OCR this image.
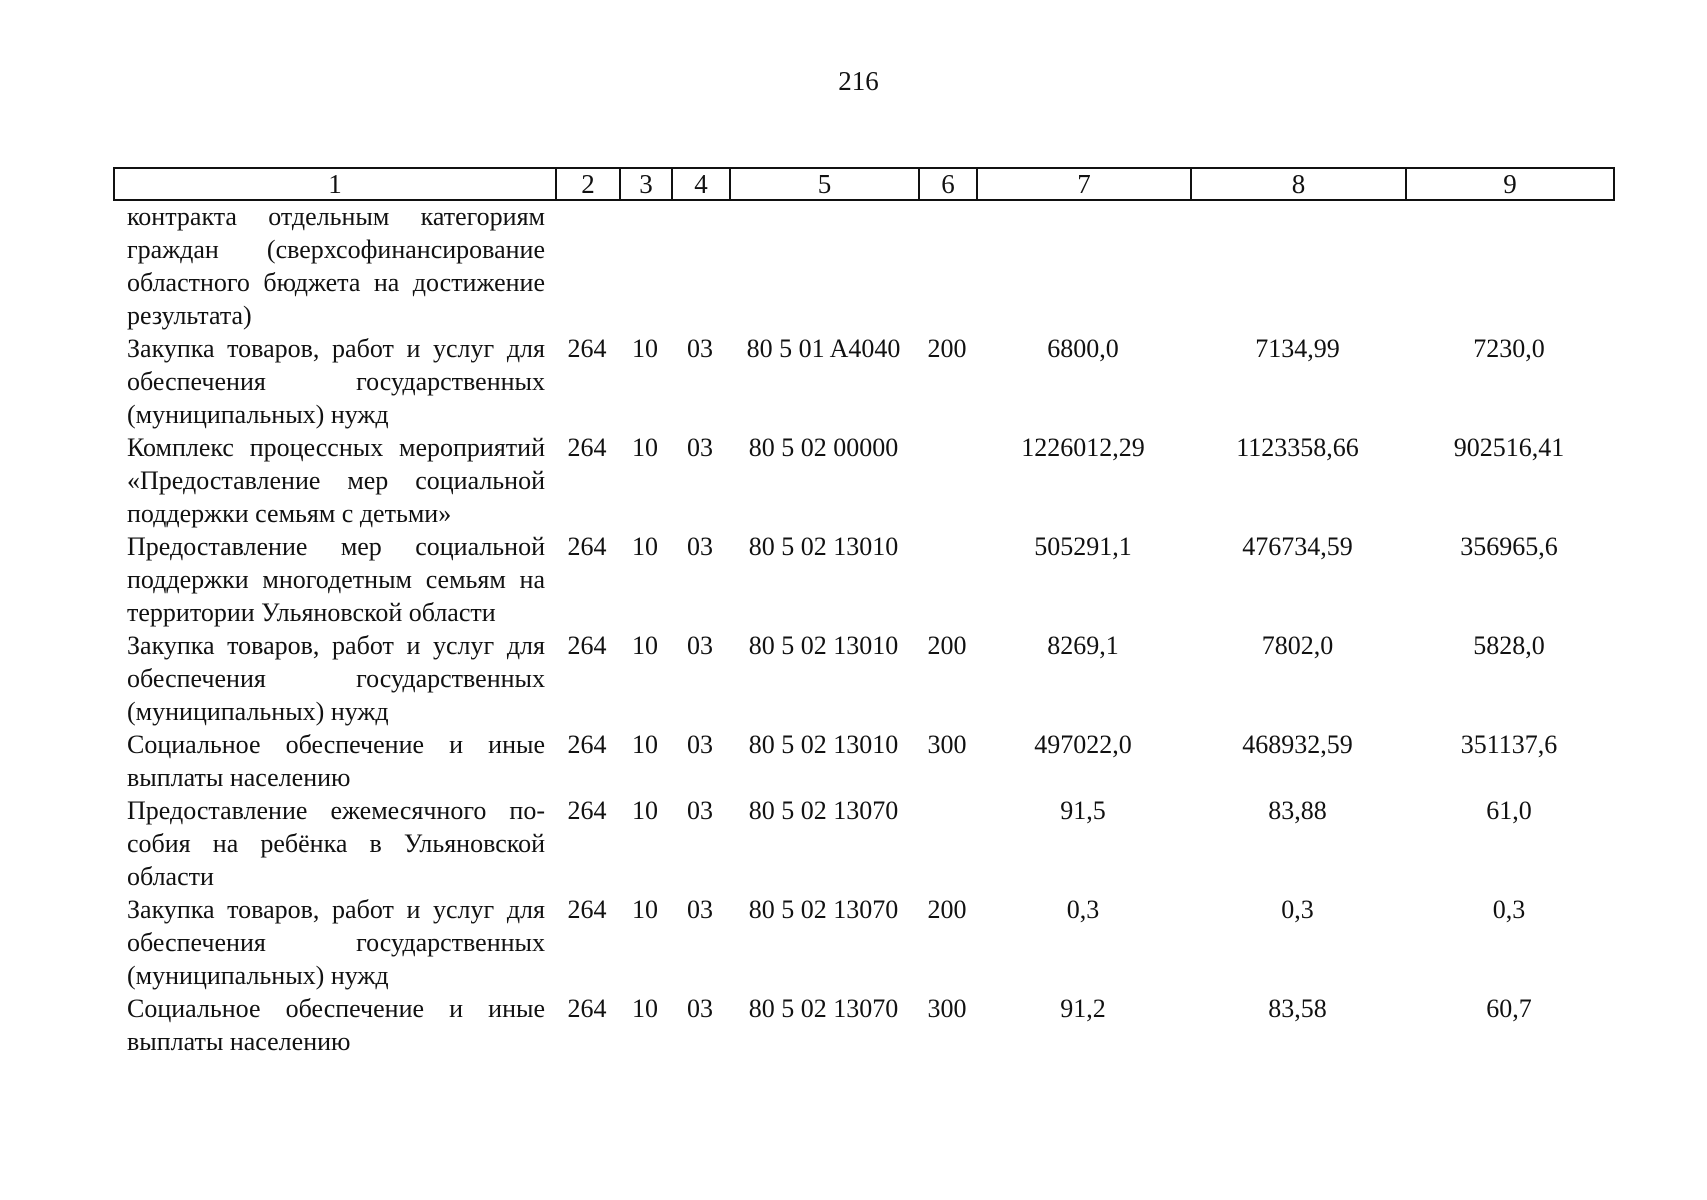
216
1	2	3	4	5	6	7	8	9
контракта отдельным категориям граждан (сверхсофинансирование областного бюджета на достижение результата)								
Закупка товаров, работ и услуг для обеспечения государственных (муниципальных) нужд	264	10	03	80 5 01 A4040	200	6800,0	7134,99	7230,0
Комплекс процессных мероприятий «Предоставление мер социальной поддержки семьям с детьми»	264	10	03	80 5 02 00000		1226012,29	1123358,66	902516,41
Предоставление мер социальной поддержки многодетным семьям на территории Ульяновской области	264	10	03	80 5 02 13010		505291,1	476734,59	356965,6
Закупка товаров, работ и услуг для обеспечения государственных (муниципальных) нужд	264	10	03	80 5 02 13010	200	8269,1	7802,0	5828,0
Социальное обеспечение и иные выплаты населению	264	10	03	80 5 02 13010	300	497022,0	468932,59	351137,6
Предоставление ежемесячного пособия на ребёнка в Ульяновской области	264	10	03	80 5 02 13070		91,5	83,88	61,0
Закупка товаров, работ и услуг для обеспечения государственных (муниципальных) нужд	264	10	03	80 5 02 13070	200	0,3	0,3	0,3
Социальное обеспечение и иные выплаты населению	264	10	03	80 5 02 13070	300	91,2	83,58	60,7
